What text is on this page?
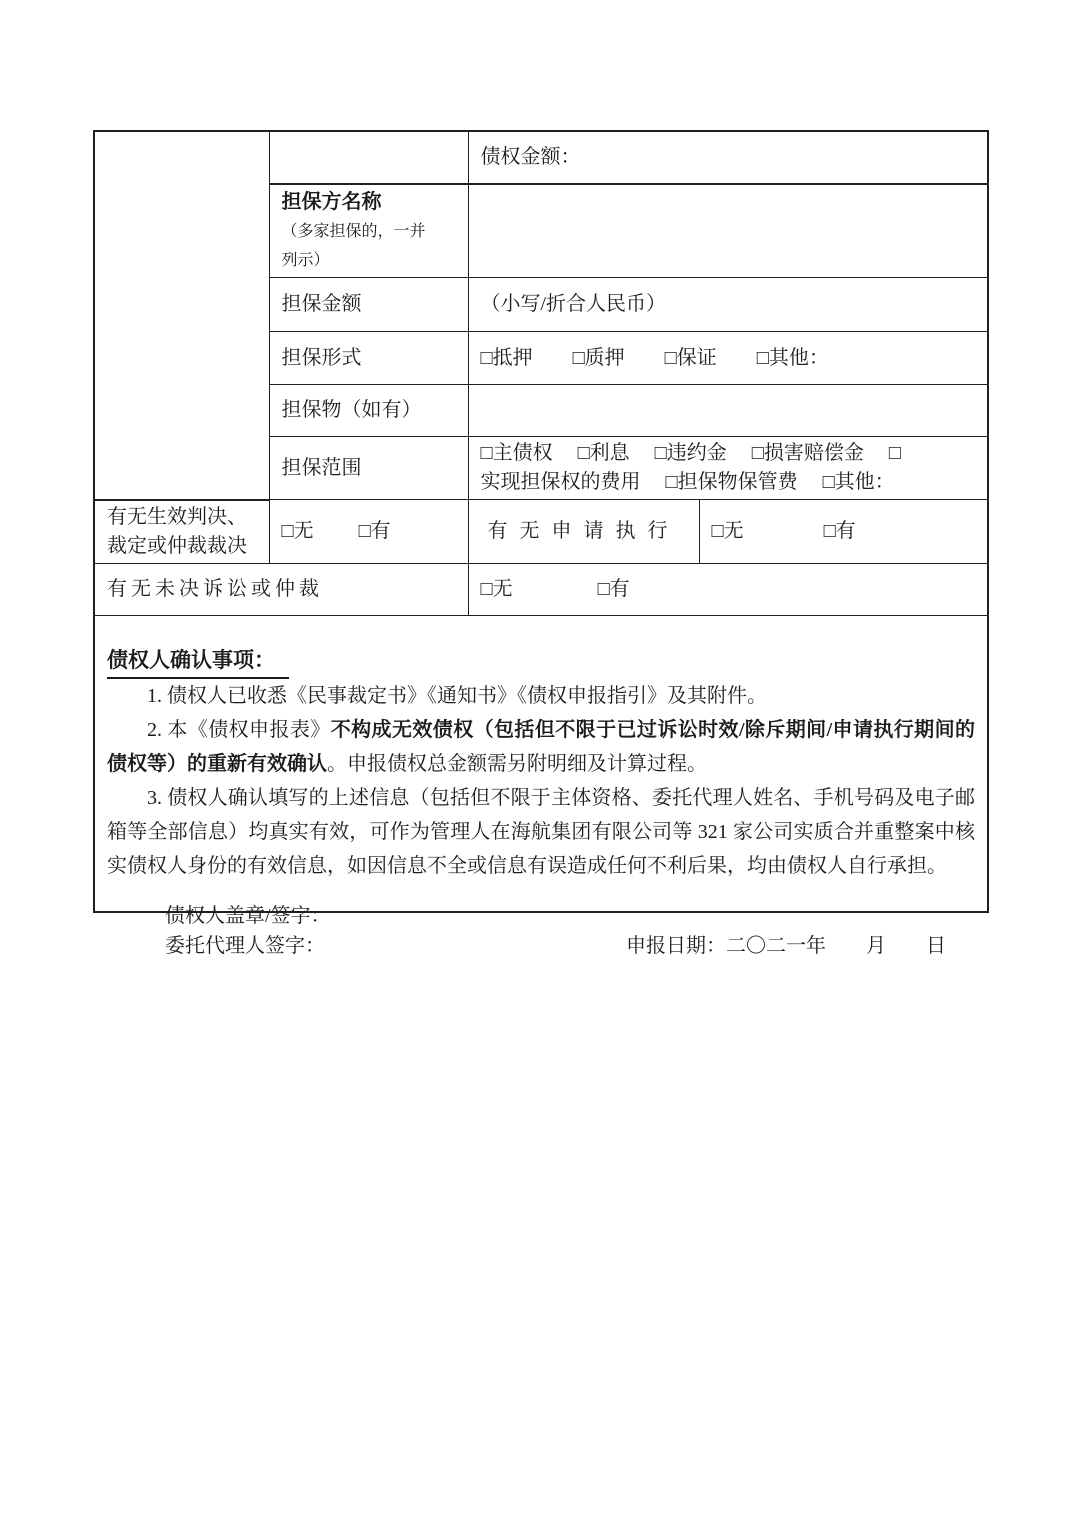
		债权金额：	

	担保方名称
（多家担保的，一并
列示）		

	担保金额	（小写/折合人民币）	
	担保形式	□抵押　　□质押　　□保证　　□其他：	

	担保物（如有）		
	担保范围	□主债权　 □利息　 □违约金　 □损害赔偿金　 □
实现担保权的费用　 □担保物保管费　 □其他：	

有无生效判决、
裁定或仲裁裁决	□无　　 □有	有无申请执行	□无　　　　□有
有无未决诉讼或仲裁		□无　　　　 □有	
债权人确认事项：

1. 债权人已收悉《民事裁定书》《通知书》《债权申报指引》及其附件。

2. 本《债权申报表》不构成无效债权（包括但不限于已过诉讼时效/除斥期间/申请执行期间的债权等）的重新有效确认。申报债权总金额需另附明细及计算过程。

3. 债权人确认填写的上述信息（包括但不限于主体资格、委托代理人姓名、手机号码及电子邮箱等全部信息）均真实有效，可作为管理人在海航集团有限公司等 321 家公司实质合并重整案中核实债权人身份的有效信息，如因信息不全或信息有误造成任何不利后果，均由债权人自行承担。			

债权人盖章/签字：
委托代理人签字：	申报日期：二〇二一年　　月　　日
